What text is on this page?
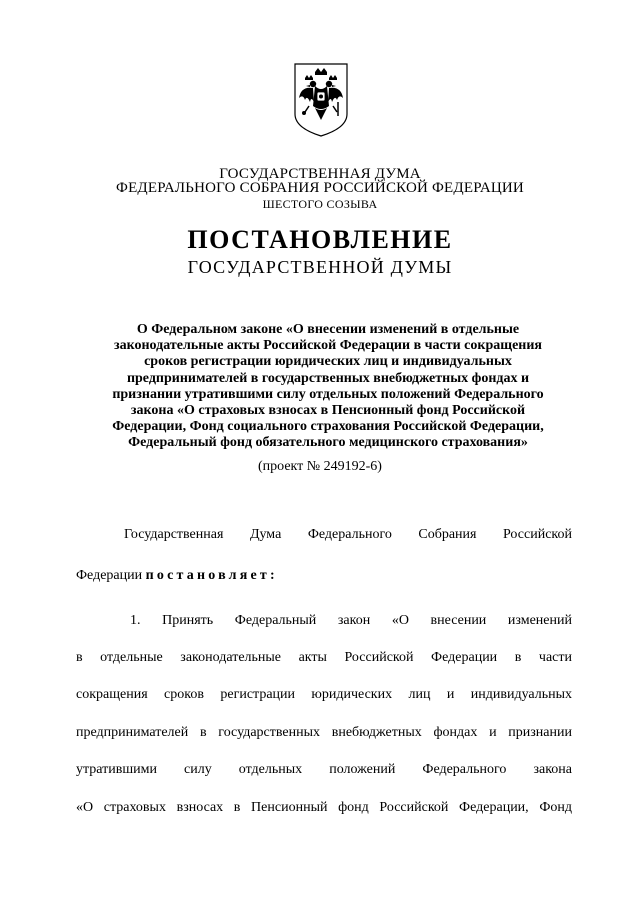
ГОСУДАРСТВЕННАЯ ДУМА
ФЕДЕРАЛЬНОГО СОБРАНИЯ РОССИЙСКОЙ ФЕДЕРАЦИИ
ШЕСТОГО СОЗЫВА
ПОСТАНОВЛЕНИЕ
ГОСУДАРСТВЕННОЙ ДУМЫ
О Федеральном законе «О внесении изменений в отдельные
законодательные акты Российской Федерации в части сокращения
сроков регистрации юридических лиц и индивидуальных
предпринимателей в государственных внебюджетных фондах и
признании утратившими силу отдельных положений Федерального
закона «О страховых взносах в Пенсионный фонд Российской
Федерации, Фонд социального страхования Российской Федерации,
Федеральный фонд обязательного медицинского страхования»
(проект № 249192-6)
Государственная Дума Федерального Собрания Российской
Федерации постановляет:
1. Принять Федеральный закон «О внесении изменений
в отдельные законодательные акты Российской Федерации в части
сокращения сроков регистрации юридических лиц и индивидуальных
предпринимателей в государственных внебюджетных фондах и признании
утратившими силу отдельных положений Федерального закона
«О страховых взносах в Пенсионный фонд Российской Федерации, Фонд
